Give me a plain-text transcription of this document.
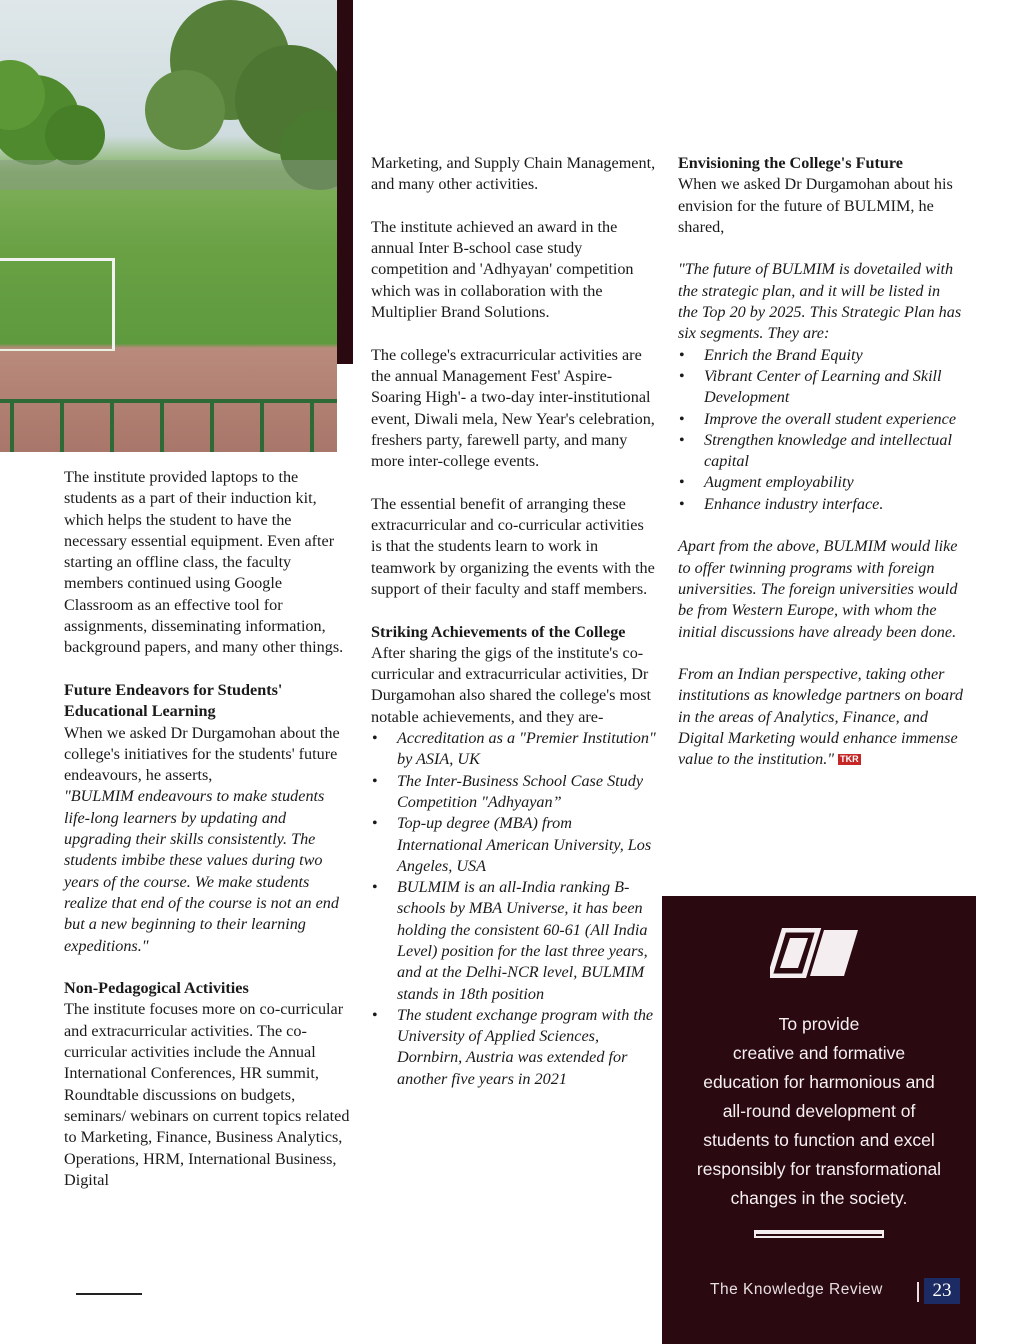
The institute provided laptops to the students as a part of their induction kit, which helps the student to have the necessary essential equipment. Even after starting an offline class, the faculty members continued using Google Classroom as an effective tool for assignments, disseminating information, background papers, and many other things.

Future Endeavors for Students' Educational Learning
When we asked Dr Durgamohan about the college's initiatives for the students' future endeavours, he asserts,
"BULMIM endeavours to make students life-long learners by updating and upgrading their skills consistently. The students imbibe these values during two years of the course. We make students realize that end of the course is not an end but a new beginning to their learning expeditions."

Non-Pedagogical Activities
The institute focuses more on co-curricular and extracurricular activities. The co-curricular activities include the Annual International Conferences, HR summit, Roundtable discussions on budgets, seminars/ webinars on current topics related to Marketing, Finance, Business Analytics, Operations, HRM, International Business, Digital

Marketing, and Supply Chain Management, and many other activities.

The institute achieved an award in the annual Inter B-school case study competition and 'Adhyayan' competition which was in collaboration with the Multiplier Brand Solutions.

The college's extracurricular activities are the annual Management Fest' Aspire-Soaring High'- a two-day inter-institutional event, Diwali mela, New Year's celebration, freshers party, farewell party, and many more inter-college events.

The essential benefit of arranging these extracurricular and co-curricular activities is that the students learn to work in teamwork by organizing the events with the support of their faculty and staff members.

Striking Achievements of the College
After sharing the gigs of the institute's co-curricular and extracurricular activities, Dr Durgamohan also shared the college's most notable achievements, and they are-

• Accreditation as a "Premier Institution" by ASIA, UK
• The Inter-Business School Case Study Competition "Adhyayan”
• Top-up degree (MBA) from International American University, Los Angeles, USA
• BULMIM is an all-India ranking B-schools by MBA Universe, it has been holding the consistent 60-61 (All India Level) position for the last three years, and at the Delhi-NCR level, BULMIM stands in 18th position
• The student exchange program with the University of Applied Sciences, Dornbirn, Austria was extended for another five years in 2021

Envisioning the College's Future
When we asked Dr Durgamohan about his envision for the future of BULMIM, he shared,

"The future of BULMIM is dovetailed with the strategic plan, and it will be listed in the Top 20 by 2025. This Strategic Plan has six segments. They are:

• Enrich the Brand Equity
• Vibrant Center of Learning and Skill Development
• Improve the overall student experience
• Strengthen knowledge and intellectual capital
• Augment employability
• Enhance industry interface.

Apart from the above, BULMIM would like to offer twinning programs with foreign universities. The foreign universities would be from Western Europe, with whom the initial discussions have already been done.

From an Indian perspective, taking other institutions as knowledge partners on board in the areas of Analytics, Finance, and Digital Marketing would enhance immense value to the institution." TKR

To provide
creative and formative
education for harmonious and
all-round development of
students to function and excel
responsibly for transformational
changes in the society.
The Knowledge Review	23
